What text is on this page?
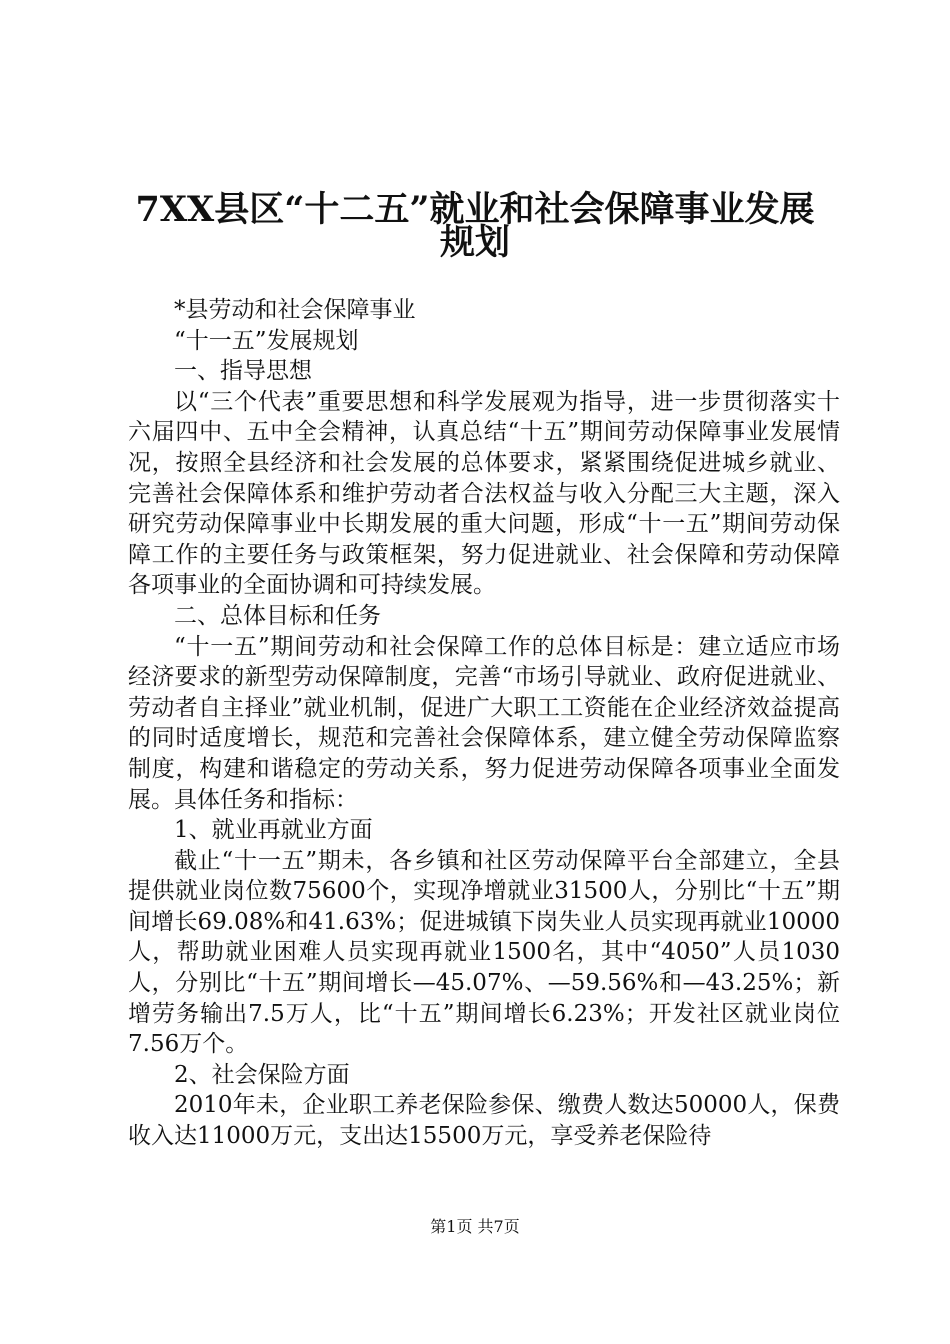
7XX县区“十二五”就业和社会保障事业发展
规划

*县劳动和社会保障事业

“十一五”发展规划

一、指导思想

以“三个代表”重要思想和科学发展观为指导，进一步贯彻落实十六届四中、五中全会精神，认真总结“十五”期间劳动保障事业发展情况，按照全县经济和社会发展的总体要求，紧紧围绕促进城乡就业、完善社会保障体系和维护劳动者合法权益与收入分配三大主题，深入研究劳动保障事业中长期发展的重大问题，形成“十一五”期间劳动保障工作的主要任务与政策框架，努力促进就业、社会保障和劳动保障各项事业的全面协调和可持续发展。

二、总体目标和任务

“十一五”期间劳动和社会保障工作的总体目标是：建立适应市场经济要求的新型劳动保障制度，完善“市场引导就业、政府促进就业、劳动者自主择业”就业机制，促进广大职工工资能在企业经济效益提高的同时适度增长，规范和完善社会保障体系，建立健全劳动保障监察制度，构建和谐稳定的劳动关系，努力促进劳动保障各项事业全面发展。具体任务和指标：

1、就业再就业方面

截止“十一五”期未，各乡镇和社区劳动保障平台全部建立，全县提供就业岗位数75600个，实现净增就业31500人，分别比“十五”期间增长69.08%和41.63%；促进城镇下岗失业人员实现再就业10000人，帮助就业困难人员实现再就业1500名，其中“4050”人员1030人，分别比“十五”期间增长—45.07%、—59.56%和—43.25%；新增劳务输出7.5万人，比“十五”期间增长6.23%；开发社区就业岗位7.56万个。

2、社会保险方面

2010年未，企业职工养老保险参保、缴费人数达50000人，保费收入达11000万元，支出达15500万元，享受养老保险待

第1页 共7页
